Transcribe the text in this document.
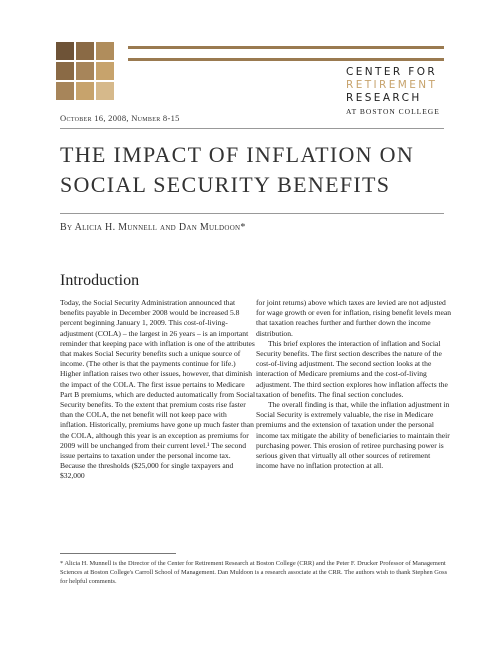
CENTER FOR
RETIREMENT
RESEARCH
AT BOSTON COLLEGE
October 16, 2008, Number 8-15
THE IMPACT OF INFLATION ON SOCIAL SECURITY BENEFITS
By Alicia H. Munnell and Dan Muldoon*
Introduction

Today, the Social Security Administration announced that benefits payable in December 2008 would be increased 5.8 percent beginning January 1, 2009. This cost-of-living-adjustment (COLA) – the largest in 26 years – is an important reminder that keeping pace with inflation is one of the attributes that makes Social Security benefits such a unique source of income. (The other is that the payments continue for life.) Higher inflation raises two other issues, however, that diminish the impact of the COLA. The first issue pertains to Medicare Part B premiums, which are deducted automatically from Social Security benefits. To the extent that premium costs rise faster than the COLA, the net benefit will not keep pace with inflation. Historically, premiums have gone up much faster than the COLA, although this year is an exception as premiums for 2009 will be unchanged from their current level.¹ The second issue pertains to taxation under the personal income tax. Because the thresholds ($25,000 for single taxpayers and $32,000

for joint returns) above which taxes are levied are not adjusted for wage growth or even for inflation, rising benefit levels mean that taxation reaches further and further down the income distribution.

This brief explores the interaction of inflation and Social Security benefits. The first section describes the nature of the cost-of-living adjustment. The second section looks at the interaction of Medicare premiums and the cost-of-living adjustment. The third section explores how inflation affects the taxation of benefits. The final section concludes.

The overall finding is that, while the inflation adjustment in Social Security is extremely valuable, the rise in Medicare premiums and the extension of taxation under the personal income tax mitigate the ability of beneficiaries to maintain their purchasing power. This erosion of retiree purchasing power is serious given that virtually all other sources of retirement income have no inflation protection at all.

* Alicia H. Munnell is the Director of the Center for Retirement Research at Boston College (CRR) and the Peter F. Drucker Professor of Management Sciences at Boston College's Carroll School of Management. Dan Muldoon is a research associate at the CRR. The authors wish to thank Stephen Goss for helpful comments.
